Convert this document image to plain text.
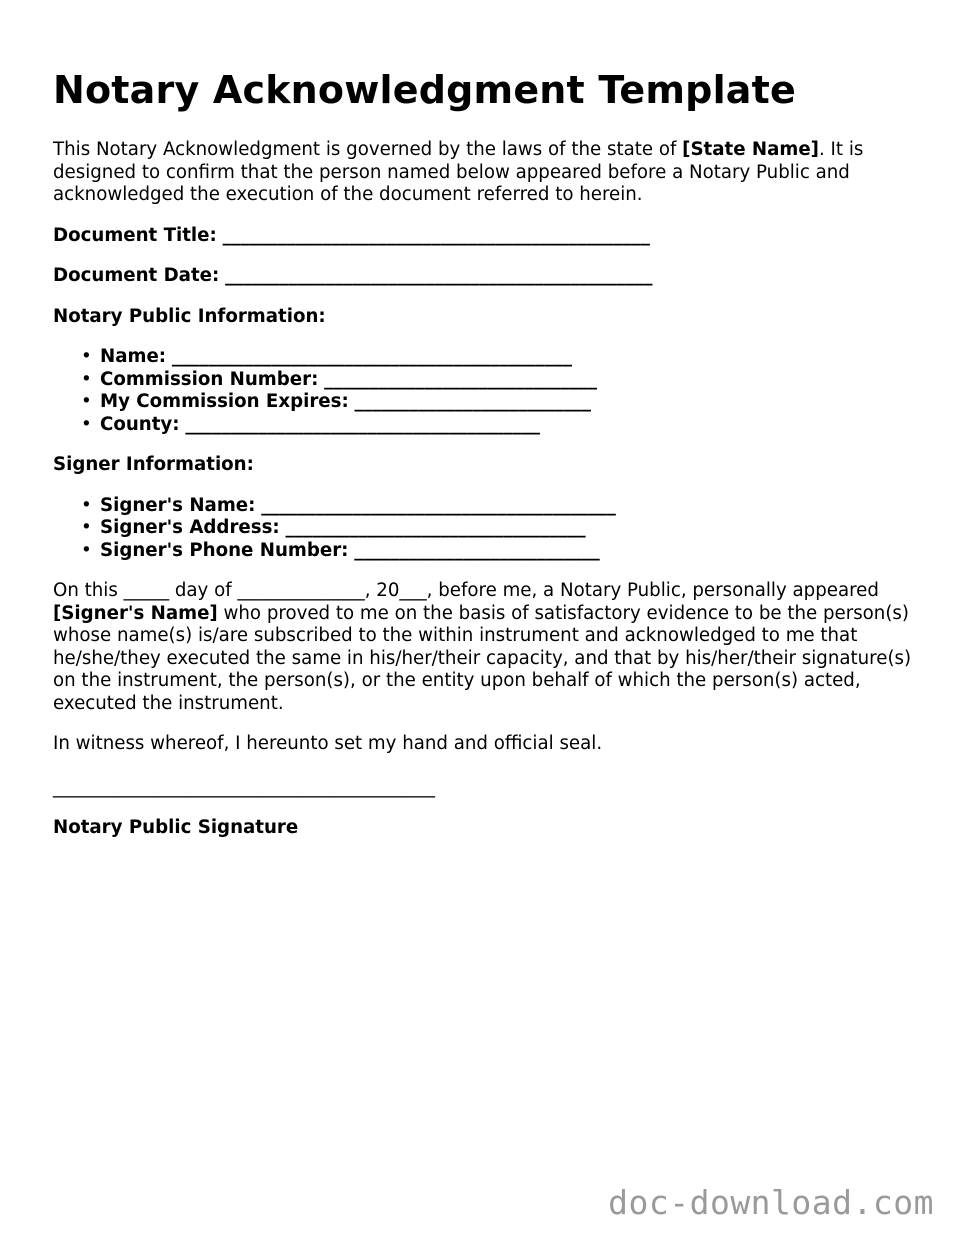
Notary Acknowledgment Template

This Notary Acknowledgment is governed by the laws of the state of [State Name]. It is designed to confirm that the person named below appeared before a Notary Public and acknowledged the execution of the document referred to herein.

Document Title: _______________________________________________

Document Date: _______________________________________________

Notary Public Information:

• Name: ____________________________________________
• Commission Number: ______________________________
• My Commission Expires: __________________________
• County: _______________________________________

Signer Information:

• Signer's Name: _______________________________________
• Signer's Address: _________________________________
• Signer's Phone Number: ___________________________

On this _____ day of ______________, 20___, before me, a Notary Public, personally appeared [Signer's Name] who proved to me on the basis of satisfactory evidence to be the person(s) whose name(s) is/are subscribed to the within instrument and acknowledged to me that he/she/they executed the same in his/her/their capacity, and that by his/her/their signature(s) on the instrument, the person(s), or the entity upon behalf of which the person(s) acted, executed the instrument.

In witness whereof, I hereunto set my hand and official seal.

__________________________________________

Notary Public Signature

doc-download.com
